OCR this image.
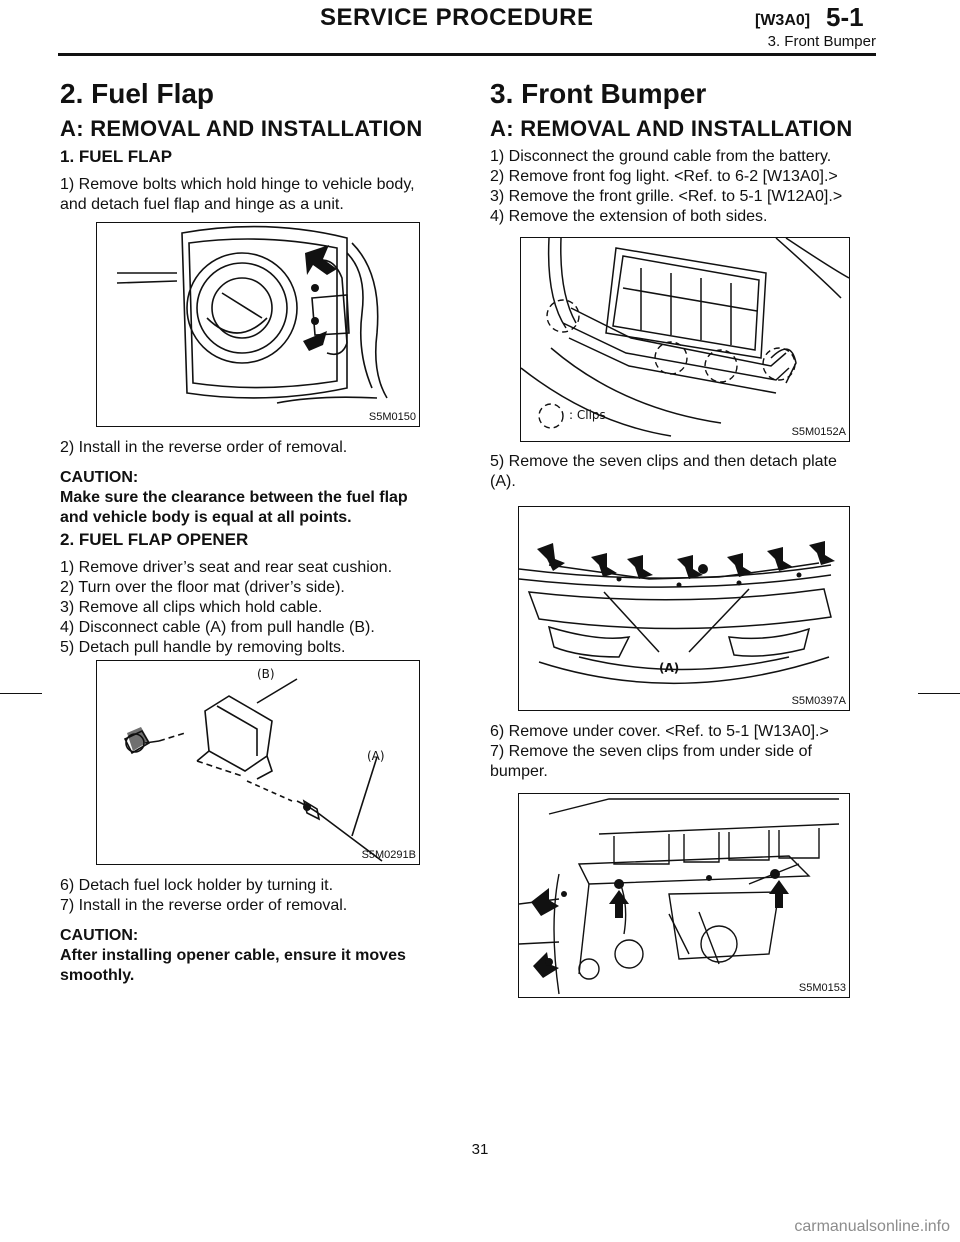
SERVICE PROCEDURE	[W3A0] 5-1
3. Front Bumper
2. Fuel Flap
A: REMOVAL AND INSTALLATION
1. FUEL FLAP

1) Remove bolts which hold hinge to vehicle body,

and detach fuel flap and hinge as a unit.

S5M0150
2) Install in the reverse order of removal.

CAUTION:

Make sure the clearance between the fuel flap

and vehicle body is equal at all points.

2. FUEL FLAP OPENER

1) Remove driver’s seat and rear seat cushion.

2) Turn over the floor mat (driver’s side).

3) Remove all clips which hold cable.

4) Disconnect cable (A) from pull handle (B).

5) Detach pull handle by removing bolts.

(B)
(A)
S5M0291B

6) Detach fuel lock holder by turning it.

7) Install in the reverse order of removal.

CAUTION:

After installing opener cable, ensure it moves

smoothly.

3. Front Bumper
A: REMOVAL AND INSTALLATION

1) Disconnect the ground cable from the battery.

2) Remove front fog light. <Ref. to 6-2 [W13A0].>

3) Remove the front grille. <Ref. to 5-1 [W12A0].>

4) Remove the extension of both sides.

: Clips
S5M0152A

5) Remove the seven clips and then detach plate

(A).

(A)
S5M0397A

6) Remove under cover. <Ref. to 5-1 [W13A0].>

7) Remove the seven clips from under side of

bumper.

S5M0153
31
carmanualsonline.info
